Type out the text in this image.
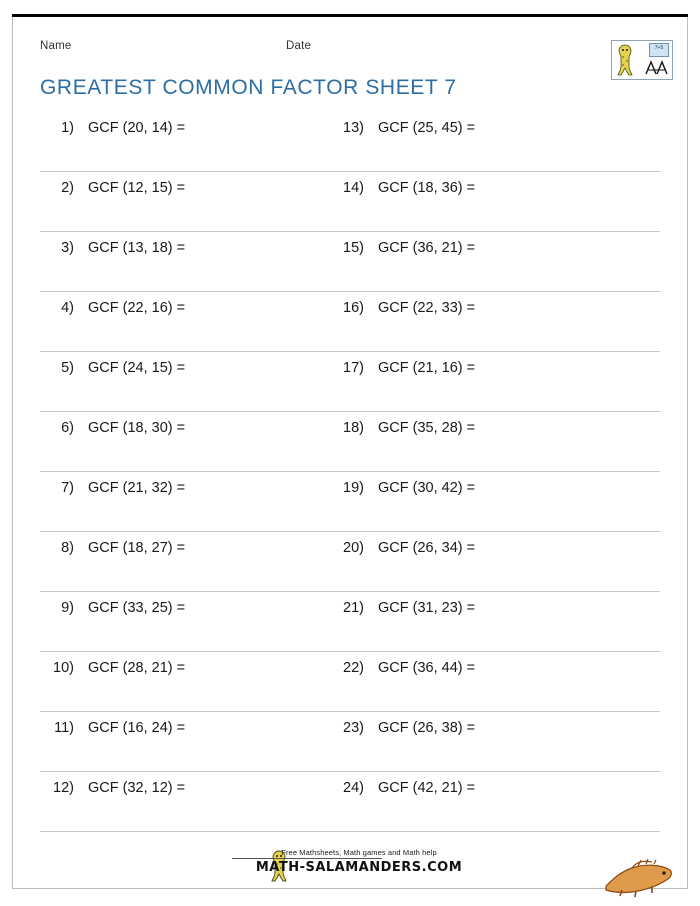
Name	Date
GREATEST COMMON FACTOR SHEET 7
7+5
1) GCF (20, 14) =	13) GCF (25, 45) =
2) GCF (12, 15) =	14) GCF (18, 36) =
3) GCF (13, 18) =	15) GCF (36, 21) =
4) GCF (22, 16) =	16) GCF (22, 33) =
5) GCF (24, 15) =	17) GCF (21, 16) =
6) GCF (18, 30) =	18) GCF (35, 28) =
7) GCF (21, 32) =	19) GCF (30, 42) =
8) GCF (18, 27) =	20) GCF (26, 34) =
9) GCF (33, 25) =	21) GCF (31, 23) =
10) GCF (28, 21) =	22) GCF (36, 44) =
11) GCF (16, 24) =	23) GCF (26, 38) =
12) GCF (32, 12) =	24) GCF (42, 21) =
Free Mathsheets, Math games and Math help
MATH-SALAMANDERS.COM
